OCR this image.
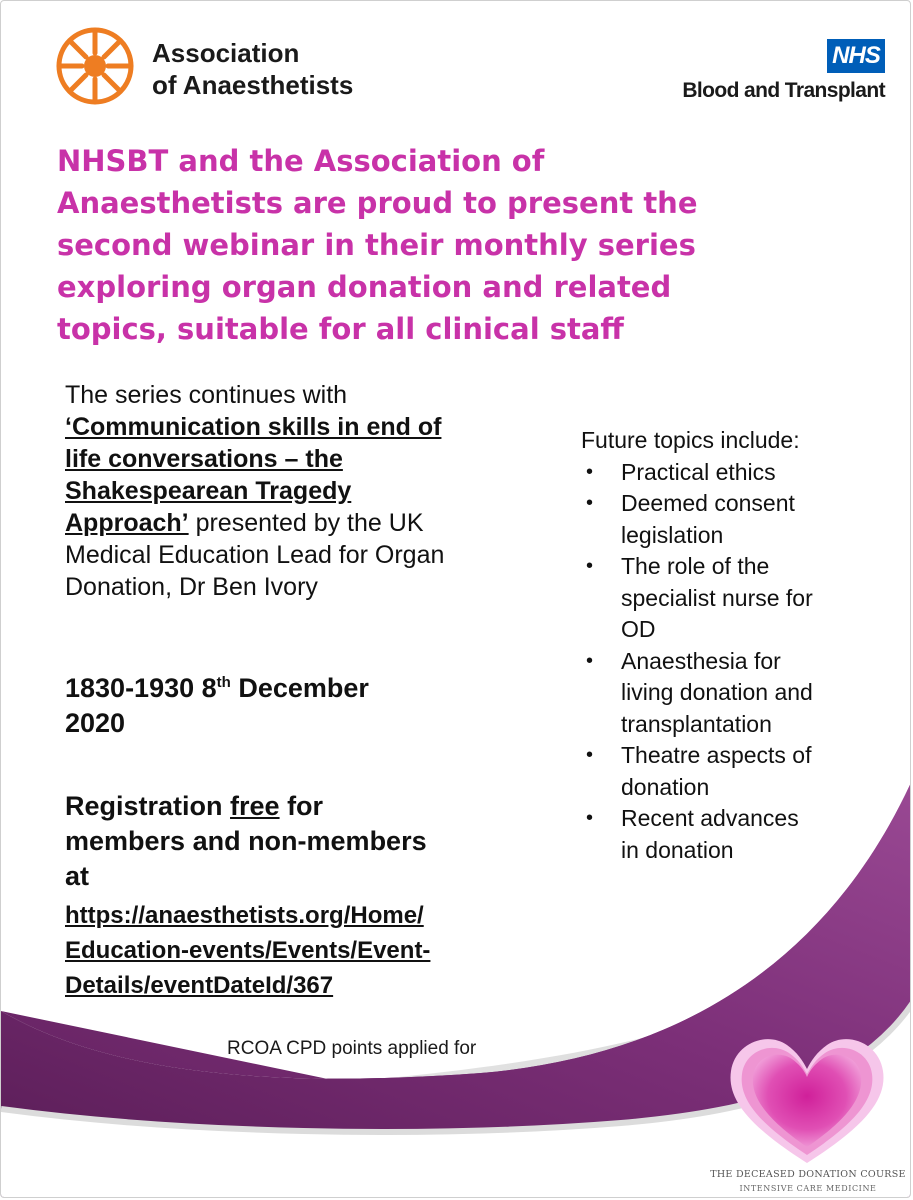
Association
of Anaesthetists
NHS
Blood and Transplant
NHSBT and the Association of
Anaesthetists are proud to present the
second webinar in their monthly series
exploring organ donation and related
topics, suitable for all clinical staff

The series continues with
‘Communication skills in end of
life conversations – the
Shakespearean Tragedy
Approach’ presented by the UK
Medical Education Lead for Organ
Donation, Dr Ben Ivory

1830-1930 8th December
2020
Registration free for
members and non-members
at
https://anaesthetists.org/Home/
Education-events/Events/Event-
Details/eventDateId/367
RCOA CPD points applied for

Future topics include:

• Practical ethics
• Deemed consent
legislation
• The role of the
specialist nurse for
OD
• Anaesthesia for
living donation and
transplantation
• Theatre aspects of
donation
• Recent advances
in donation
THE DECEASED DONATION COURSE
INTENSIVE CARE MEDICINE
